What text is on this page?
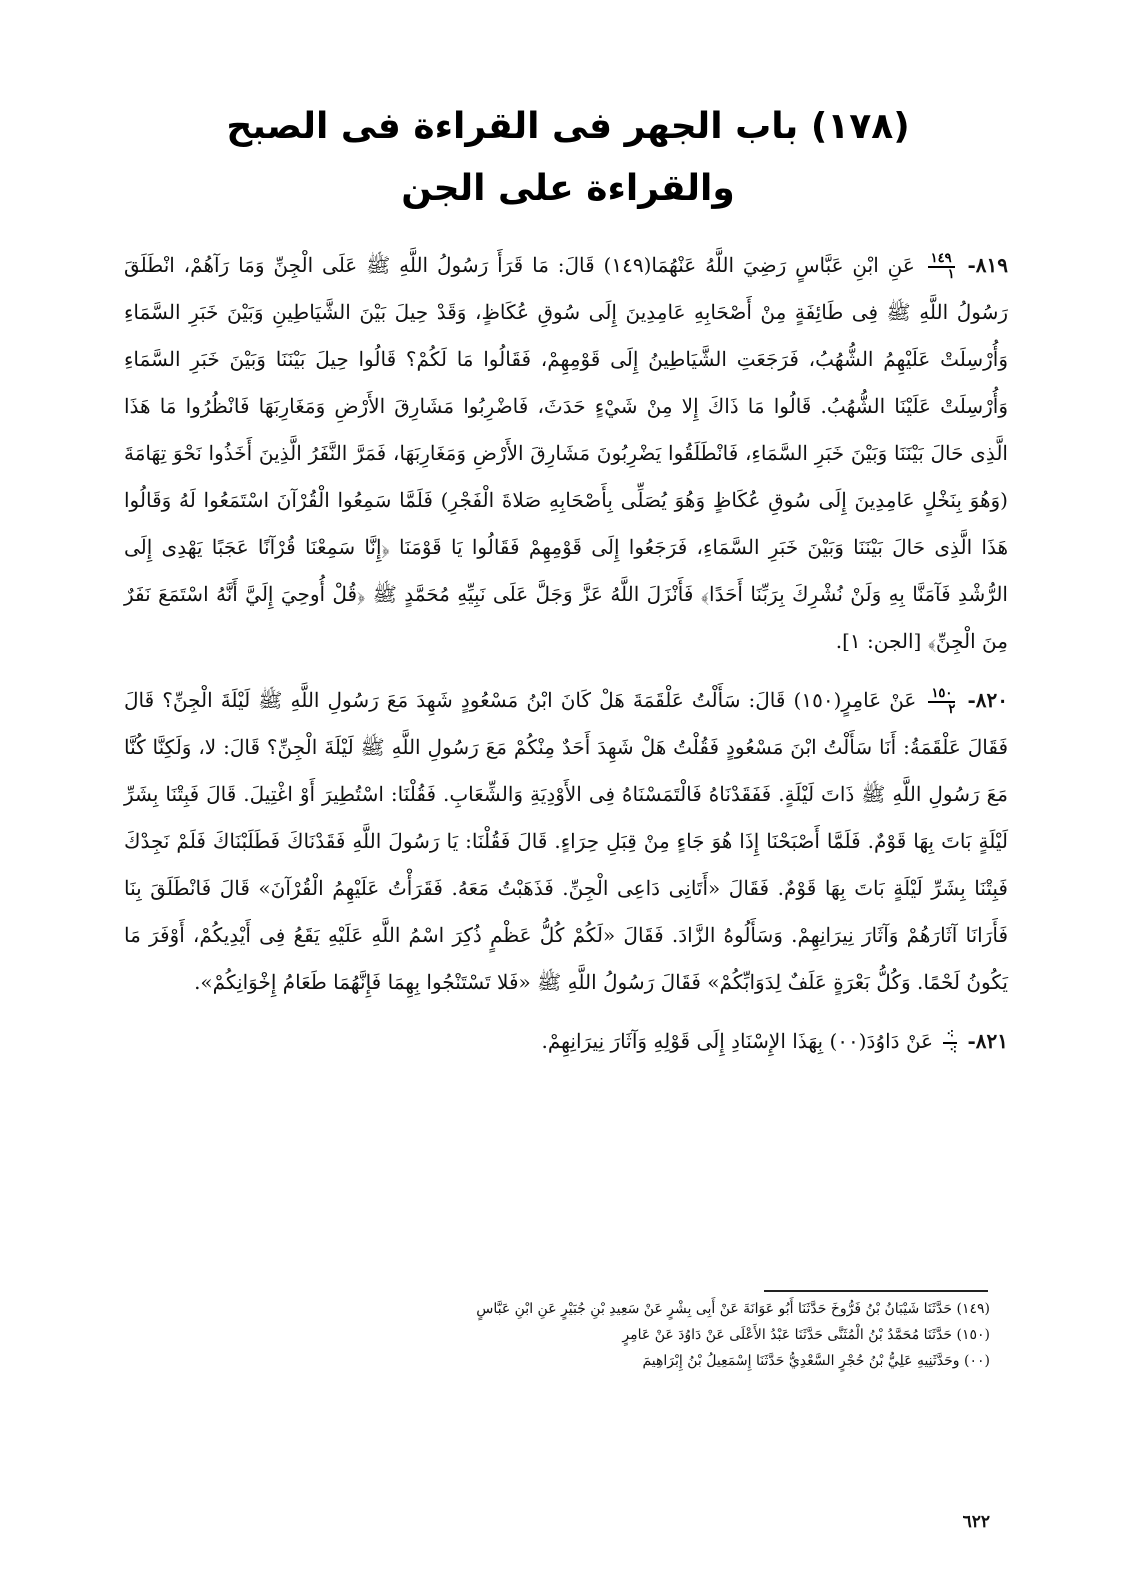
(١٧٨) باب الجهر فى القراءة فى الصبح
والقراءة على الجن

٨١٩-
١٤٩
١
عَنِ ابْنِ عَبَّاسٍ رَضِيَ اللَّهُ عَنْهُمَا(١٤٩) قَالَ: مَا قَرَأَ رَسُولُ اللَّهِ ﷺ عَلَى الْجِنِّ وَمَا رَآهُمْ، انْطَلَقَ رَسُولُ اللَّهِ ﷺ فِى طَائِفَةٍ مِنْ أَصْحَابِهِ عَامِدِينَ إِلَى سُوقِ عُكَاظٍ، وَقَدْ حِيلَ بَيْنَ الشَّيَاطِينِ وَبَيْنَ خَبَرِ السَّمَاءِ وَأُرْسِلَتْ عَلَيْهِمُ الشُّهُبُ، فَرَجَعَتِ الشَّيَاطِينُ إِلَى قَوْمِهِمْ، فَقَالُوا مَا لَكُمْ؟ قَالُوا حِيلَ بَيْنَنَا وَبَيْنَ خَبَرِ السَّمَاءِ وَأُرْسِلَتْ عَلَيْنَا الشُّهُبُ. قَالُوا مَا ذَاكَ إِلا مِنْ شَيْءٍ حَدَثَ، فَاضْرِبُوا مَشَارِقَ الأَرْضِ وَمَغَارِبَهَا فَانْظُرُوا مَا هَذَا الَّذِى حَالَ بَيْنَنَا وَبَيْنَ خَبَرِ السَّمَاءِ، فَانْطَلَقُوا يَضْرِبُونَ مَشَارِقَ الأَرْضِ وَمَغَارِبَهَا، فَمَرَّ النَّفَرُ الَّذِينَ أَخَذُوا نَحْوَ تِهَامَةَ (وَهُوَ بِنَخْلٍ عَامِدِينَ إِلَى سُوقِ عُكَاظٍ وَهُوَ يُصَلِّى بِأَصْحَابِهِ صَلاةَ الْفَجْرِ) فَلَمَّا سَمِعُوا الْقُرْآنَ اسْتَمَعُوا لَهُ وَقَالُوا هَذَا الَّذِى حَالَ بَيْنَنَا وَبَيْنَ خَبَرِ السَّمَاءِ، فَرَجَعُوا إِلَى قَوْمِهِمْ فَقَالُوا يَا قَوْمَنَا ﴿إِنَّا سَمِعْنَا قُرْآنًا عَجَبًا يَهْدِى إِلَى الرُّشْدِ فَآمَنَّا بِهِ وَلَنْ نُشْرِكَ بِرَبِّنَا أَحَدًا﴾ فَأَنْزَلَ اللَّهُ عَزَّ وَجَلَّ عَلَى نَبِيِّهِ مُحَمَّدٍ ﷺ ﴿قُلْ أُوحِيَ إِلَيَّ أَنَّهُ اسْتَمَعَ نَفَرٌ مِنَ الْجِنِّ﴾ [الجن: ١].

٨٢٠-
١٥٠
٢
عَنْ عَامِرٍ(١٥٠) قَالَ: سَأَلْتُ عَلْقَمَةَ هَلْ كَانَ ابْنُ مَسْعُودٍ شَهِدَ مَعَ رَسُولِ اللَّهِ ﷺ لَيْلَةَ الْجِنِّ؟ قَالَ فَقَالَ عَلْقَمَةُ: أَنَا سَأَلْتُ ابْنَ مَسْعُودٍ فَقُلْتُ هَلْ شَهِدَ أَحَدٌ مِنْكُمْ مَعَ رَسُولِ اللَّهِ ﷺ لَيْلَةَ الْجِنِّ؟ قَالَ: لا، وَلَكِنَّا كُنَّا مَعَ رَسُولِ اللَّهِ ﷺ ذَاتَ لَيْلَةٍ. فَفَقَدْنَاهُ فَالْتَمَسْنَاهُ فِى الأَوْدِيَةِ وَالشِّعَابِ. فَقُلْنَا: اسْتُطِيرَ أَوْ اغْتِيلَ. قَالَ فَبِتْنَا بِشَرِّ لَيْلَةٍ بَاتَ بِهَا قَوْمٌ. فَلَمَّا أَصْبَحْنَا إِذَا هُوَ جَاءٍ مِنْ قِبَلِ حِرَاءٍ. قَالَ فَقُلْنَا: يَا رَسُولَ اللَّهِ فَقَدْنَاكَ فَطَلَبْنَاكَ فَلَمْ نَجِدْكَ فَبِتْنَا بِشَرِّ لَيْلَةٍ بَاتَ بِهَا قَوْمٌ. فَقَالَ «أَتَانِى دَاعِى الْجِنِّ. فَذَهَبْتُ مَعَهُ. فَقَرَأْتُ عَلَيْهِمُ الْقُرْآنَ» قَالَ فَانْطَلَقَ بِنَا فَأَرَانَا آثَارَهُمْ وَآثَارَ نِيرَانِهِمْ. وَسَأَلُوهُ الزَّادَ. فَقَالَ «لَكُمْ كُلُّ عَظْمٍ ذُكِرَ اسْمُ اللَّهِ عَلَيْهِ يَقَعُ فِى أَيْدِيكُمْ، أَوْفَرَ مَا يَكُونُ لَحْمًا. وَكُلُّ بَعْرَةٍ عَلَفٌ لِدَوَابِّكُمْ» فَقَالَ رَسُولُ اللَّهِ ﷺ «فَلا تَسْتَنْجُوا بِهِمَا فَإِنَّهُمَا طَعَامُ إِخْوَانِكُمْ».

٨٢١-
⁖
⁖
عَنْ دَاوُدَ(٠٠) بِهَذَا الإِسْنَادِ إِلَى قَوْلِهِ وَآثَارَ نِيرَانِهِمْ.

(١٤٩) حَدَّثَنَا شَيْبَانُ بْنُ فَرُّوخَ حَدَّثَنَا أَبُو عَوَانَةَ عَنْ أَبِى بِشْرٍ عَنْ سَعِيدِ بْنِ جُبَيْرٍ عَنِ ابْنِ عَبَّاسٍ

(١٥٠) حَدَّثَنَا مُحَمَّدُ بْنُ الْمُثَنَّى حَدَّثَنَا عَبْدُ الأَعْلَى عَنْ دَاوُدَ عَنْ عَامِرٍ

(٠٠) وحَدَّثَنِيهِ عَلِيُّ بْنُ حُجْرٍ السَّعْدِيُّ حَدَّثَنَا إِسْمَعِيلُ بْنُ إِبْرَاهِيمَ

٦٢٢
